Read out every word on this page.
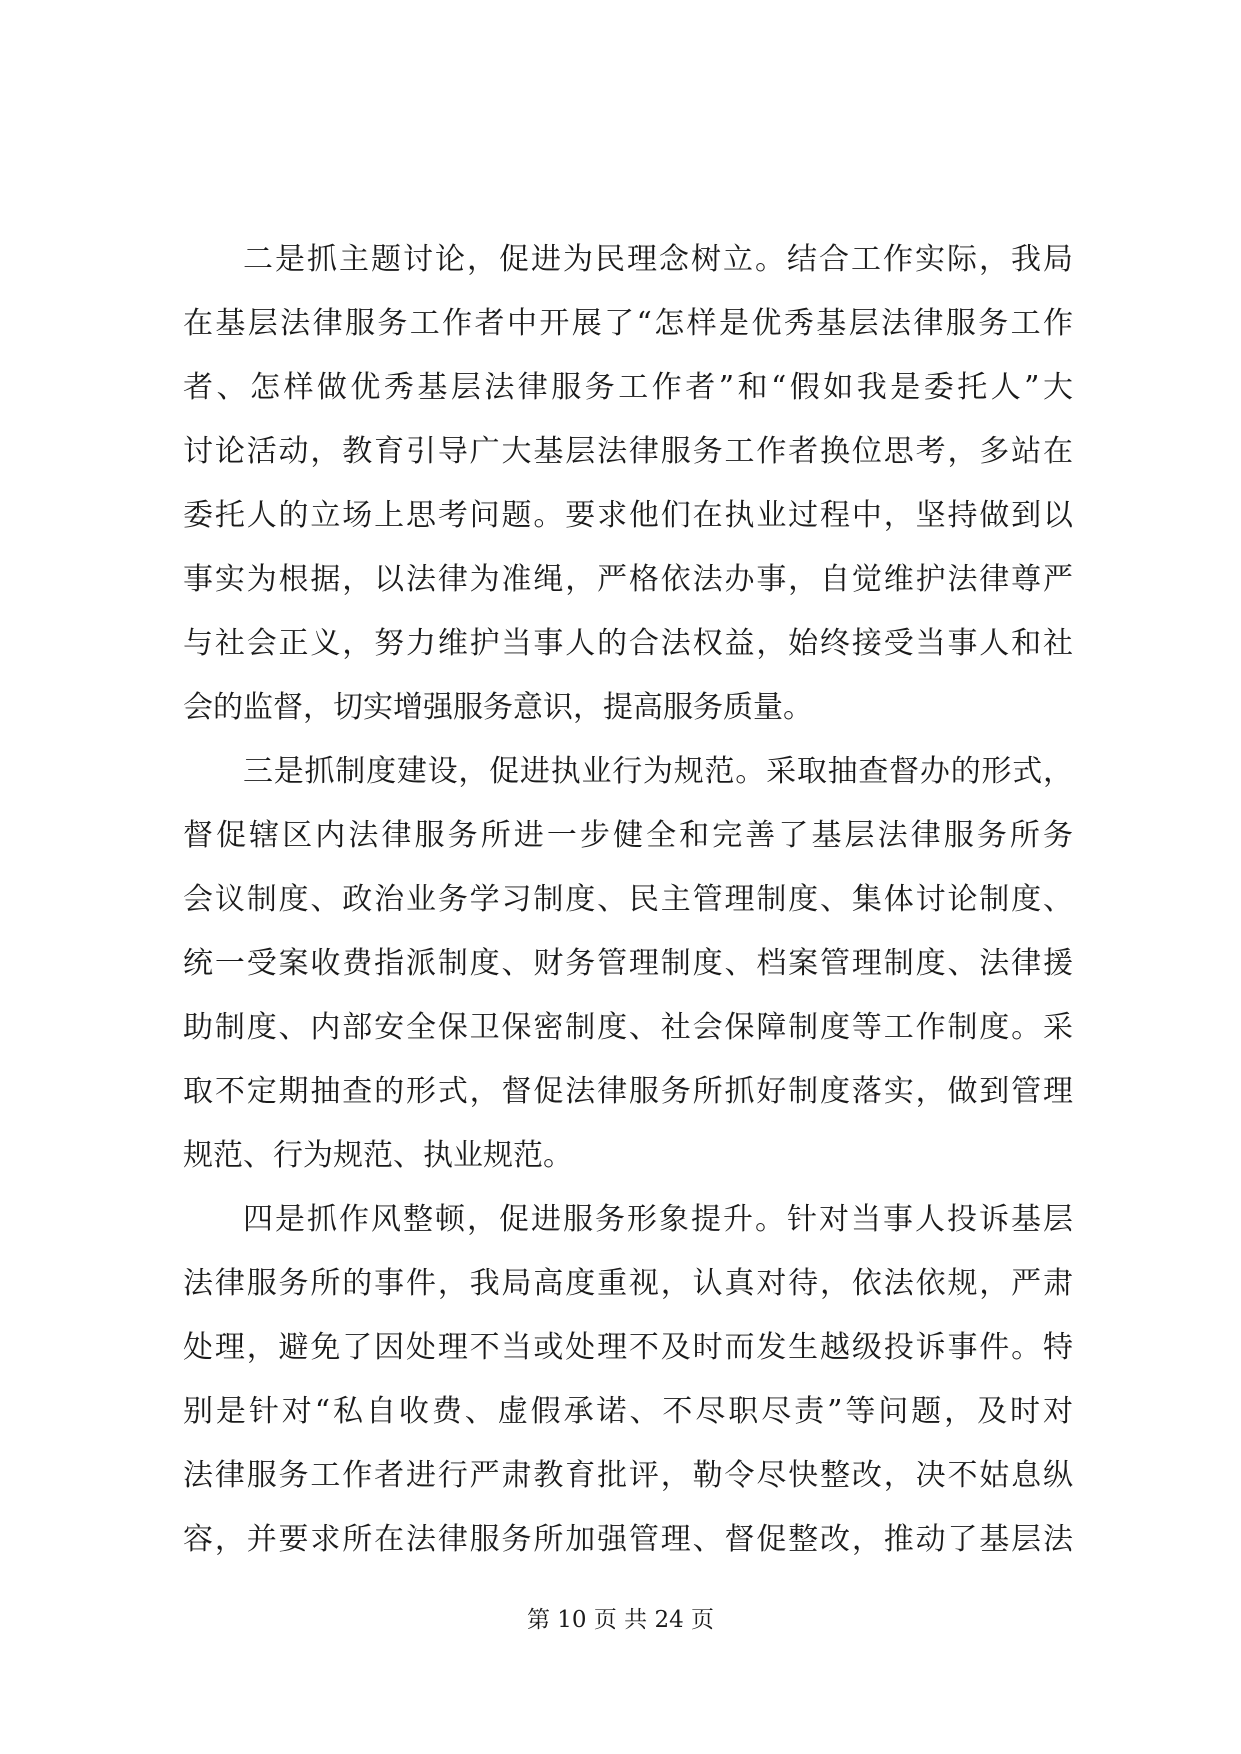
二是抓主题讨论，促进为民理念树立。结合工作实际，我局
在基层法律服务工作者中开展了“怎样是优秀基层法律服务工作
者、怎样做优秀基层法律服务工作者”和“假如我是委托人”大
讨论活动，教育引导广大基层法律服务工作者换位思考，多站在
委托人的立场上思考问题。要求他们在执业过程中，坚持做到以
事实为根据，以法律为准绳，严格依法办事，自觉维护法律尊严
与社会正义，努力维护当事人的合法权益，始终接受当事人和社
会的监督，切实增强服务意识，提高服务质量。
三是抓制度建设，促进执业行为规范。采取抽查督办的形式，
督促辖区内法律服务所进一步健全和完善了基层法律服务所务
会议制度、政治业务学习制度、民主管理制度、集体讨论制度、
统一受案收费指派制度、财务管理制度、档案管理制度、法律援
助制度、内部安全保卫保密制度、社会保障制度等工作制度。采
取不定期抽查的形式，督促法律服务所抓好制度落实，做到管理
规范、行为规范、执业规范。
四是抓作风整顿，促进服务形象提升。针对当事人投诉基层
法律服务所的事件，我局高度重视，认真对待，依法依规，严肃
处理，避免了因处理不当或处理不及时而发生越级投诉事件。特
别是针对“私自收费、虚假承诺、不尽职尽责”等问题，及时对
法律服务工作者进行严肃教育批评，勒令尽快整改，决不姑息纵
容，并要求所在法律服务所加强管理、督促整改，推动了基层法
第 10 页 共 24 页
